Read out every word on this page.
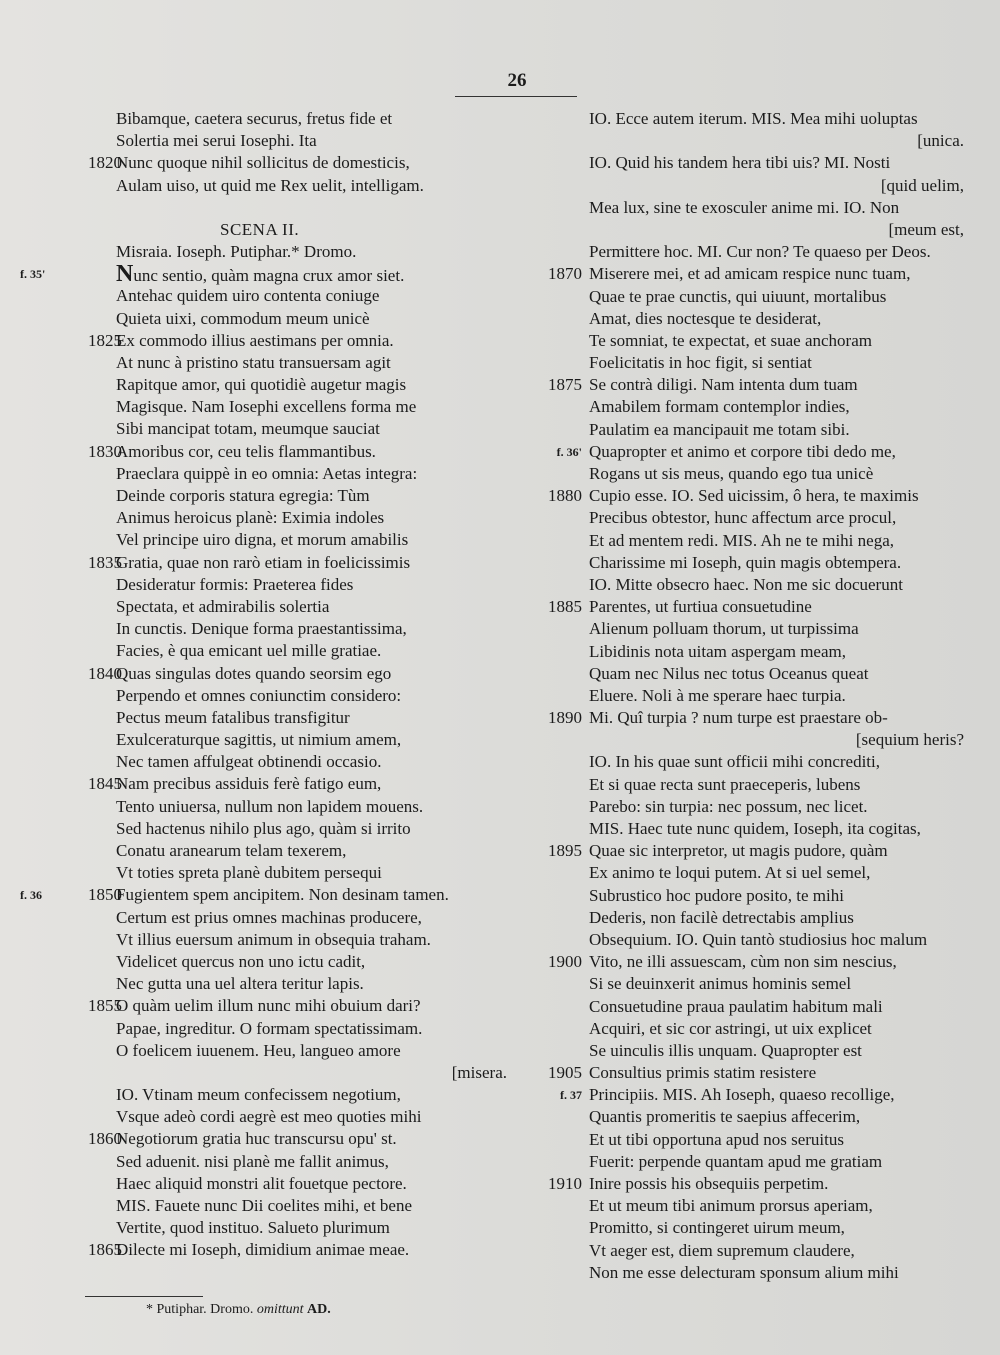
26
Bibamque, caetera securus, fretus fide et
Solertia mei serui Iosephi. Ita
1820
Nunc quoque nihil sollicitus de domesticis,
Aulam uiso, ut quid me Rex uelit, intelligam.
SCENA II.
Misraia. Ioseph. Putiphar.* Dromo.
f. 35'	Nunc sentio, quàm magna crux amor siet.
Antehac quidem uiro contenta coniuge
Quieta uixi, commodum meum unicè
1825
Ex commodo illius aestimans per omnia.
At nunc à pristino statu transuersam agit
Rapitque amor, qui quotidiè augetur magis
Magisque. Nam Iosephi excellens forma me
Sibi mancipat totam, meumque sauciat
1830
Amoribus cor, ceu telis flammantibus.
Praeclara quippè in eo omnia: Aetas integra:
Deinde corporis statura egregia: Tùm
Animus heroicus planè: Eximia indoles
Vel principe uiro digna, et morum amabilis
1835
Gratia, quae non rarò etiam in foelicissimis
Desideratur formis: Praeterea fides
Spectata, et admirabilis solertia
In cunctis. Denique forma praestantissima,
Facies, è qua emicant uel mille gratiae.
1840
Quas singulas dotes quando seorsim ego
Perpendo et omnes coniunctim considero:
Pectus meum fatalibus transfigitur
Exulceraturque sagittis, ut nimium amem,
Nec tamen affulgeat obtinendi occasio.
1845
Nam precibus assiduis ferè fatigo eum,
Tento uniuersa, nullum non lapidem mouens.
Sed hactenus nihilo plus ago, quàm si irrito
Conatu aranearum telam texerem,
Vt toties spreta planè dubitem persequi
f. 36	1850
Fugientem spem ancipitem. Non desinam tamen.
Certum est prius omnes machinas producere,
Vt illius euersum animum in obsequia traham.
Videlicet quercus non uno ictu cadit,
Nec gutta una uel altera teritur lapis.
1855
O quàm uelim illum nunc mihi obuium dari?
Papae, ingreditur. O formam spectatissimam.
O foelicem iuuenem. Heu, langueo amore
[misera.
IO. Vtinam meum confecissem negotium,
Vsque adeò cordi aegrè est meo quoties mihi
1860
Negotiorum gratia huc transcursu opu' st.
Sed aduenit. nisi planè me fallit animus,
Haec aliquid monstri alit fouetque pectore.
MIS. Fauete nunc Dii coelites mihi, et bene
Vertite, quod instituo. Salueto plurimum
1865
Dilecte mi Ioseph, dimidium animae meae.
IO. Ecce autem iterum. MIS. Mea mihi uoluptas
[unica.
IO. Quid his tandem hera tibi uis? MI. Nosti
[quid uelim,
Mea lux, sine te exosculer anime mi. IO. Non
[meum est,
Permittere hoc. MI. Cur non? Te quaeso per Deos.
1870 Miserere mei, et ad amicam respice nunc tuam,
Quae te prae cunctis, qui uiuunt, mortalibus
Amat, dies noctesque te desiderat,
Te somniat, te expectat, et suae anchoram
Foelicitatis in hoc figit, si sentiat
1875 Se contrà diligi. Nam intenta dum tuam
Amabilem formam contemplor indies,
Paulatim ea mancipauit me totam sibi.
f. 36' Quapropter et animo et corpore tibi dedo me,
Rogans ut sis meus, quando ego tua unicè
1880 Cupio esse. IO. Sed uicissim, ô hera, te maximis
Precibus obtestor, hunc affectum arce procul,
Et ad mentem redi. MIS. Ah ne te mihi nega,
Charissime mi Ioseph, quin magis obtempera.
IO. Mitte obsecro haec. Non me sic docuerunt
1885 Parentes, ut furtiua consuetudine
Alienum polluam thorum, ut turpissima
Libidinis nota uitam aspergam meam,
Quam nec Nilus nec totus Oceanus queat
Eluere. Noli à me sperare haec turpia.
1890 Mi. Quî turpia ? num turpe est praestare ob-
[sequium heris?
IO. In his quae sunt officii mihi concrediti,
Et si quae recta sunt praeceperis, lubens
Parebo: sin turpia: nec possum, nec licet.
MIS. Haec tute nunc quidem, Ioseph, ita cogitas,
1895 Quae sic interpretor, ut magis pudore, quàm
Ex animo te loqui putem. At si uel semel,
Subrustico hoc pudore posito, te mihi
Dederis, non facilè detrectabis amplius
Obsequium. IO. Quin tantò studiosius hoc malum
1900 Vito, ne illi assuescam, cùm non sim nescius,
Si se deuinxerit animus hominis semel
Consuetudine praua paulatim habitum mali
Acquiri, et sic cor astringi, ut uix explicet
Se uinculis illis unquam. Quapropter est
1905 Consultius primis statim resistere
f. 37 Principiis. MIS. Ah Ioseph, quaeso recollige,
Quantis promeritis te saepius affecerim,
Et ut tibi opportuna apud nos seruitus
Fuerit: perpende quantam apud me gratiam
1910 Inire possis his obsequiis perpetim.
Et ut meum tibi animum prorsus aperiam,
Promitto, si contingeret uirum meum,
Vt aeger est, diem supremum claudere,
Non me esse delecturam sponsum alium mihi
* Putiphar. Dromo. omittunt AD.
